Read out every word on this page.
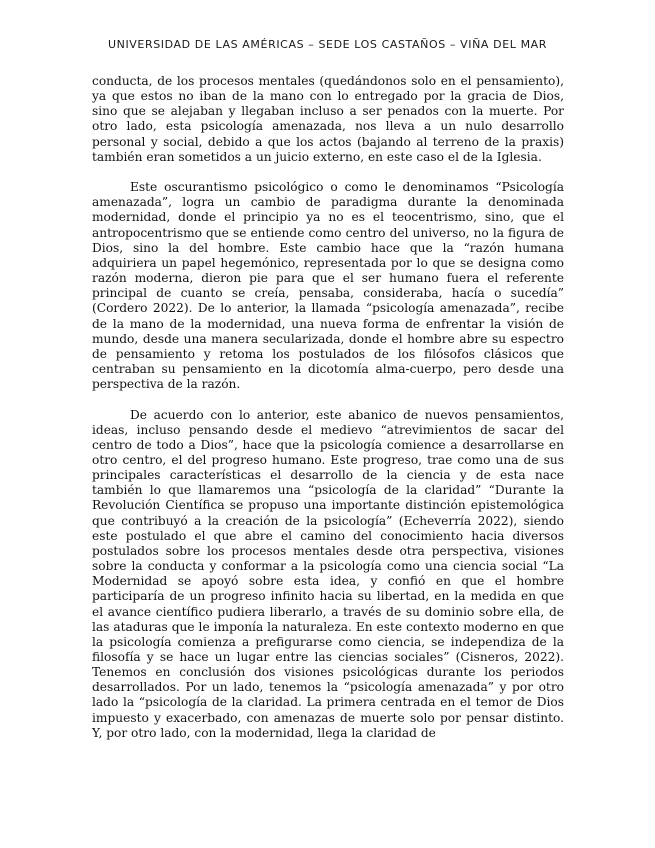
UNIVERSIDAD DE LAS AMÉRICAS – SEDE LOS CASTAÑOS – VIÑA DEL MAR

conducta, de los procesos mentales (quedándonos solo en el pensamiento), ya que estos no iban de la mano con lo entregado por la gracia de Dios, sino que se alejaban y llegaban incluso a ser penados con la muerte. Por otro lado, esta psicología amenazada, nos lleva a un nulo desarrollo personal y social, debido a que los actos (bajando al terreno de la praxis) también eran sometidos a un juicio externo, en este caso el de la Iglesia.

Este oscurantismo psicológico o como le denominamos “Psicología amenazada”, logra un cambio de paradigma durante la denominada modernidad, donde el principio ya no es el teocentrismo, sino, que el antropocentrismo que se entiende como centro del universo, no la figura de Dios, sino la del hombre. Este cambio hace que la “razón humana adquiriera un papel hegemónico, representada por lo que se designa como razón moderna, dieron pie para que el ser humano fuera el referente principal de cuanto se creía, pensaba, consideraba, hacía o sucedía” (Cordero 2022). De lo anterior, la llamada “psicología amenazada”, recibe de la mano de la modernidad, una nueva forma de enfrentar la visión de mundo, desde una manera secularizada, donde el hombre abre su espectro de pensamiento y retoma los postulados de los filósofos clásicos que centraban su pensamiento en la dicotomía alma-cuerpo, pero desde una perspectiva de la razón.

De acuerdo con lo anterior, este abanico de nuevos pensamientos, ideas, incluso pensando desde el medievo “atrevimientos de sacar del centro de todo a Dios”, hace que la psicología comience a desarrollarse en otro centro, el del progreso humano. Este progreso, trae como una de sus principales características el desarrollo de la ciencia y de esta nace también lo que llamaremos una “psicología de la claridad” “Durante la Revolución Científica se propuso una importante distinción epistemológica que contribuyó a la creación de la psicología” (Echeverría 2022), siendo este postulado el que abre el camino del conocimiento hacia diversos postulados sobre los procesos mentales desde otra perspectiva, visiones sobre la conducta y conformar a la psicología como una ciencia social “La Modernidad se apoyó sobre esta idea, y confió en que el hombre participaría de un progreso infinito hacia su libertad, en la medida en que el avance científico pudiera liberarlo, a través de su dominio sobre ella, de las ataduras que le imponía la naturaleza. En este contexto moderno en que la psicología comienza a prefigurarse como ciencia, se independiza de la filosofía y se hace un lugar entre las ciencias sociales” (Cisneros, 2022). Tenemos en conclusión dos visiones psicológicas durante los periodos desarrollados. Por un lado, tenemos la “psicología amenazada” y por otro lado la “psicología de la claridad. La primera centrada en el temor de Dios impuesto y exacerbado, con amenazas de muerte solo por pensar distinto. Y, por otro lado, con la modernidad, llega la claridad de
